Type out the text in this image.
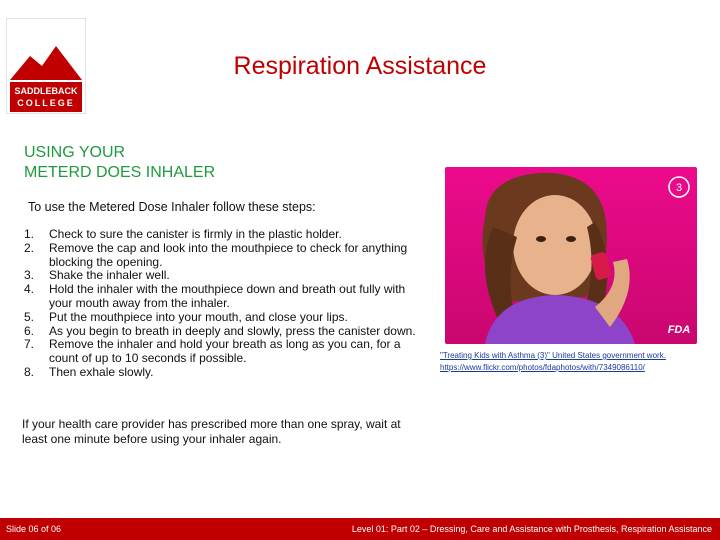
SADDLEBACK
COLLEGE
Respiration Assistance
USING YOUR
METERD DOES INHALER
To use the Metered Dose Inhaler follow these steps:
1.	Check to sure the canister is firmly in the plastic holder.
2.	Remove the cap and look into the mouthpiece to check for anything blocking the opening.
3.	Shake the inhaler well.
4.	Hold the inhaler with the mouthpiece down and breath out fully with your mouth away from the inhaler.
5.	Put the mouthpiece into your mouth, and close your lips.
6.	As you begin to breath in deeply and slowly, press the canister down.
7.	Remove the inhaler and hold your breath as long as you can, for a count of up to 10 seconds if possible.
8.	Then exhale slowly.
If your health care provider has prescribed more than one spray, wait at least one minute before using your inhaler again.
3
FDA
"Treating Kids with Asthma (3)" United States government work.
https://www.flickr.com/photos/fdaphotos/with/7349086110/
Slide 06 of 06	Level 01: Part 02 – Dressing, Care and Assistance with Prosthesis, Respiration Assistance
